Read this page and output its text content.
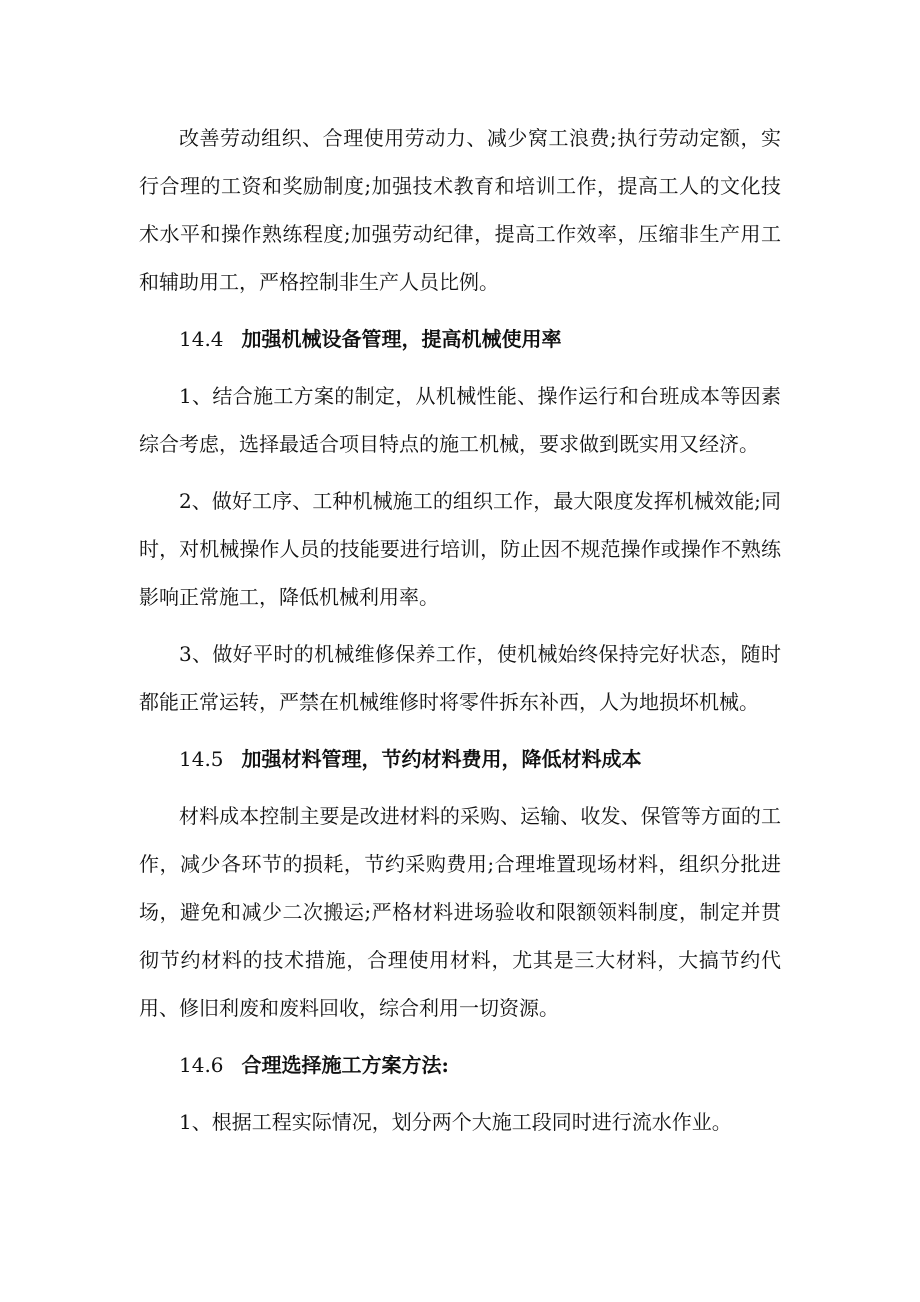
改善劳动组织、合理使用劳动力、减少窝工浪费;执行劳动定额，实行合理的工资和奖励制度;加强技术教育和培训工作，提高工人的文化技术水平和操作熟练程度;加强劳动纪律，提高工作效率，压缩非生产用工和辅助用工，严格控制非生产人员比例。

14.4 加强机械设备管理，提高机械使用率

1、结合施工方案的制定，从机械性能、操作运行和台班成本等因素综合考虑，选择最适合项目特点的施工机械，要求做到既实用又经济。

2、做好工序、工种机械施工的组织工作，最大限度发挥机械效能;同时，对机械操作人员的技能要进行培训，防止因不规范操作或操作不熟练影响正常施工，降低机械利用率。

3、做好平时的机械维修保养工作，使机械始终保持完好状态，随时都能正常运转，严禁在机械维修时将零件拆东补西，人为地损坏机械。

14.5 加强材料管理，节约材料费用，降低材料成本

材料成本控制主要是改进材料的采购、运输、收发、保管等方面的工作，减少各环节的损耗，节约采购费用;合理堆置现场材料，组织分批进场，避免和减少二次搬运;严格材料进场验收和限额领料制度，制定并贯彻节约材料的技术措施，合理使用材料，尤其是三大材料，大搞节约代用、修旧利废和废料回收，综合利用一切资源。

14.6 合理选择施工方案方法:

1、根据工程实际情况，划分两个大施工段同时进行流水作业。
